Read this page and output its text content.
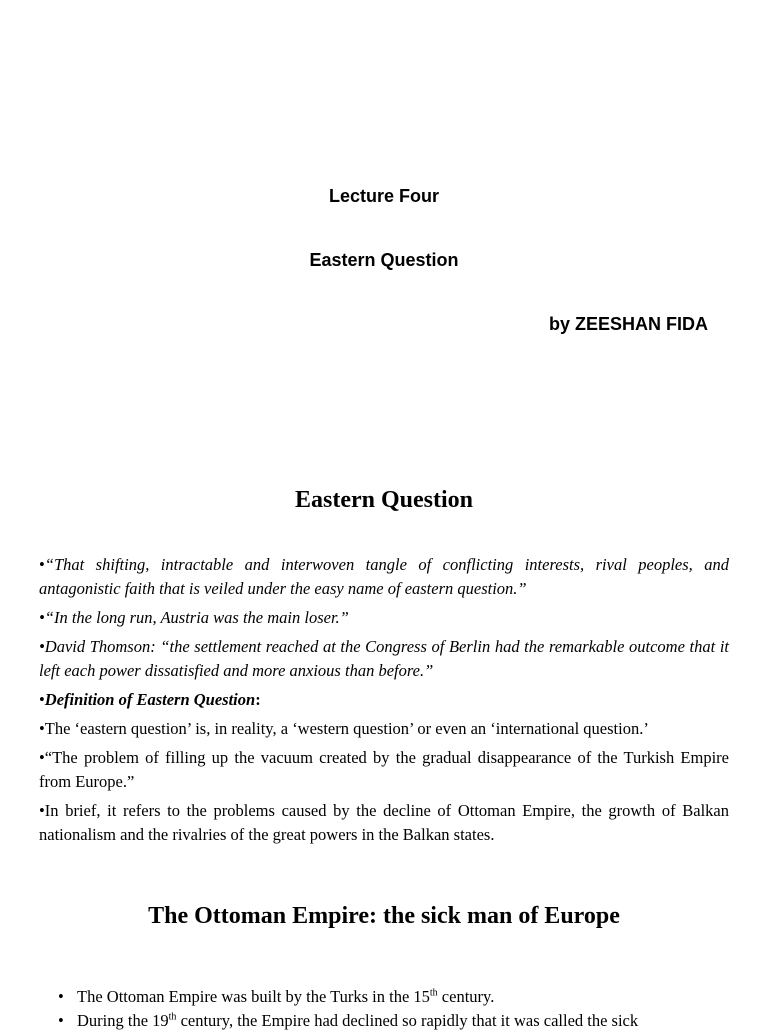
Lecture Four
Eastern Question
by ZEESHAN FIDA
Eastern Question

•“That shifting, intractable and interwoven tangle of conflicting interests, rival peoples, and antagonistic faith that is veiled under the easy name of eastern question.”

•“In the long run, Austria was the main loser.”

•David Thomson: “the settlement reached at the Congress of Berlin had the remarkable outcome that it left each power dissatisfied and more anxious than before.”

•Definition of Eastern Question:

•The ‘eastern question’ is, in reality, a ‘western question’ or even an ‘international question.’

•“The problem of filling up the vacuum created by the gradual disappearance of the Turkish Empire from Europe.”

•In brief, it refers to the problems caused by the decline of Ottoman Empire, the growth of Balkan nationalism and the rivalries of the great powers in the Balkan states.

The Ottoman Empire: the sick man of Europe
• The Ottoman Empire was built by the Turks in the 15th century.
• During the 19th century, the Empire had declined so rapidly that it was called the sick
